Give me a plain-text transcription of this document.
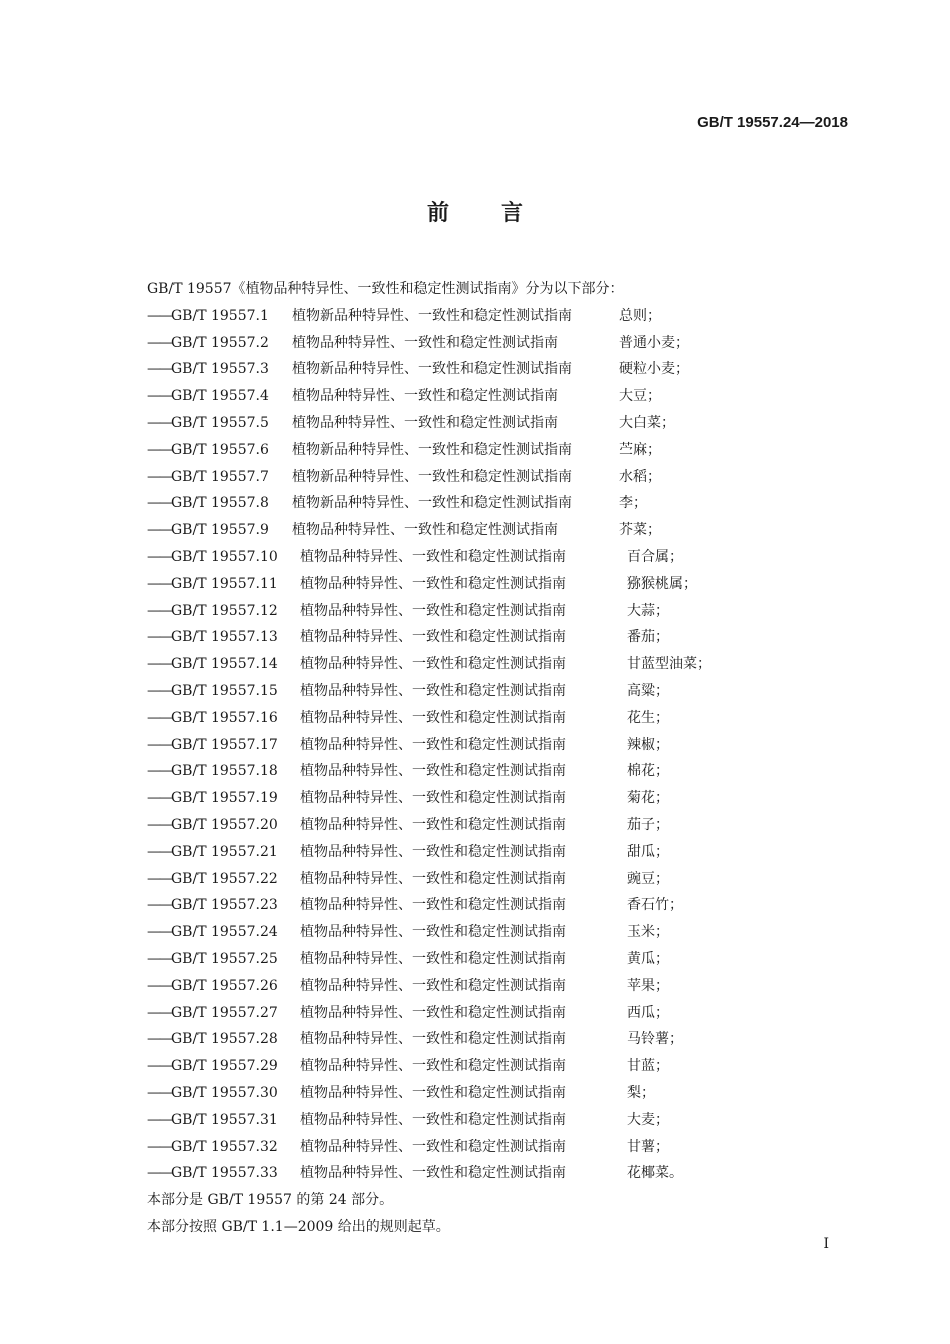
GB/T 19557.24—2018
前言
GB/T 19557《植物品种特异性、一致性和稳定性测试指南》分为以下部分：
——GB/T 19557.1 植物新品种特异性、一致性和稳定性测试指南	总则；
——GB/T 19557.2 植物品种特异性、一致性和稳定性测试指南	普通小麦；
——GB/T 19557.3 植物新品种特异性、一致性和稳定性测试指南	硬粒小麦；
——GB/T 19557.4 植物品种特异性、一致性和稳定性测试指南	大豆；
——GB/T 19557.5 植物品种特异性、一致性和稳定性测试指南	大白菜；
——GB/T 19557.6 植物新品种特异性、一致性和稳定性测试指南	苎麻；
——GB/T 19557.7 植物新品种特异性、一致性和稳定性测试指南	水稻；
——GB/T 19557.8 植物新品种特异性、一致性和稳定性测试指南	李；
——GB/T 19557.9 植物品种特异性、一致性和稳定性测试指南	芥菜；
——GB/T 19557.10 植物品种特异性、一致性和稳定性测试指南	百合属；
——GB/T 19557.11 植物品种特异性、一致性和稳定性测试指南	猕猴桃属；
——GB/T 19557.12 植物品种特异性、一致性和稳定性测试指南	大蒜；
——GB/T 19557.13 植物品种特异性、一致性和稳定性测试指南	番茄；
——GB/T 19557.14 植物品种特异性、一致性和稳定性测试指南	甘蓝型油菜；
——GB/T 19557.15 植物品种特异性、一致性和稳定性测试指南	高粱；
——GB/T 19557.16 植物品种特异性、一致性和稳定性测试指南	花生；
——GB/T 19557.17 植物品种特异性、一致性和稳定性测试指南	辣椒；
——GB/T 19557.18 植物品种特异性、一致性和稳定性测试指南	棉花；
——GB/T 19557.19 植物品种特异性、一致性和稳定性测试指南	菊花；
——GB/T 19557.20 植物品种特异性、一致性和稳定性测试指南	茄子；
——GB/T 19557.21 植物品种特异性、一致性和稳定性测试指南	甜瓜；
——GB/T 19557.22 植物品种特异性、一致性和稳定性测试指南	豌豆；
——GB/T 19557.23 植物品种特异性、一致性和稳定性测试指南	香石竹；
——GB/T 19557.24 植物品种特异性、一致性和稳定性测试指南	玉米；
——GB/T 19557.25 植物品种特异性、一致性和稳定性测试指南	黄瓜；
——GB/T 19557.26 植物品种特异性、一致性和稳定性测试指南	苹果；
——GB/T 19557.27 植物品种特异性、一致性和稳定性测试指南	西瓜；
——GB/T 19557.28 植物品种特异性、一致性和稳定性测试指南	马铃薯；
——GB/T 19557.29 植物品种特异性、一致性和稳定性测试指南	甘蓝；
——GB/T 19557.30 植物品种特异性、一致性和稳定性测试指南	梨；
——GB/T 19557.31 植物品种特异性、一致性和稳定性测试指南	大麦；
——GB/T 19557.32 植物品种特异性、一致性和稳定性测试指南	甘薯；
——GB/T 19557.33 植物品种特异性、一致性和稳定性测试指南	花椰菜。
本部分是 GB/T 19557 的第 24 部分。
本部分按照 GB/T 1.1—2009 给出的规则起草。
I
